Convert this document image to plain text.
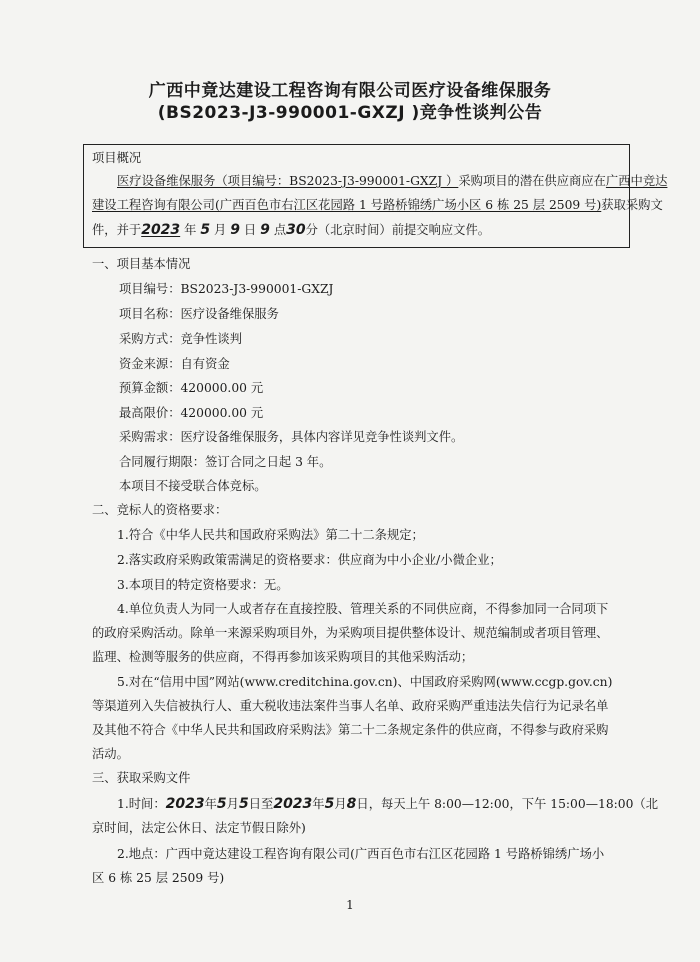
广西中竟达建设工程咨询有限公司医疗设备维保服务
(BS2023-J3-990001-GXZJ )竞争性谈判公告
项目概况
医疗设备维保服务（项目编号：BS2023-J3-990001-GXZJ ）采购项目的潜在供应商应在广西中竞达
建设工程咨询有限公司(广西百色市右江区花园路 1 号路桥锦绣广场小区 6 栋 25 层 2509 号)获取采购文
件，并于2023 年 5 月 9 日 9 点30分（北京时间）前提交响应文件。
一、项目基本情况
项目编号：BS2023-J3-990001-GXZJ
项目名称：医疗设备维保服务
采购方式：竞争性谈判
资金来源：自有资金
预算金额：420000.00 元
最高限价：420000.00 元
采购需求：医疗设备维保服务，具体内容详见竞争性谈判文件。
合同履行期限：签订合同之日起 3 年。
本项目不接受联合体竞标。
二、竞标人的资格要求：
1.符合《中华人民共和国政府采购法》第二十二条规定；
2.落实政府采购政策需满足的资格要求：供应商为中小企业/小微企业；
3.本项目的特定资格要求：无。
4.单位负责人为同一人或者存在直接控股、管理关系的不同供应商，不得参加同一合同项下
的政府采购活动。除单一来源采购项目外，为采购项目提供整体设计、规范编制或者项目管理、
监理、检测等服务的供应商，不得再参加该采购项目的其他采购活动；
5.对在“信用中国”网站(www.creditchina.gov.cn)、中国政府采购网(www.ccgp.gov.cn)
等渠道列入失信被执行人、重大税收违法案件当事人名单、政府采购严重违法失信行为记录名单
及其他不符合《中华人民共和国政府采购法》第二十二条规定条件的供应商，不得参与政府采购
活动。
三、获取采购文件
1.时间：2023年5月5日至2023年5月8日，每天上午 8:00—12:00，下午 15:00—18:00（北
京时间，法定公休日、法定节假日除外)
2.地点：广西中竟达建设工程咨询有限公司(广西百色市右江区花园路 1 号路桥锦绣广场小
区 6 栋 25 层 2509 号)
1
